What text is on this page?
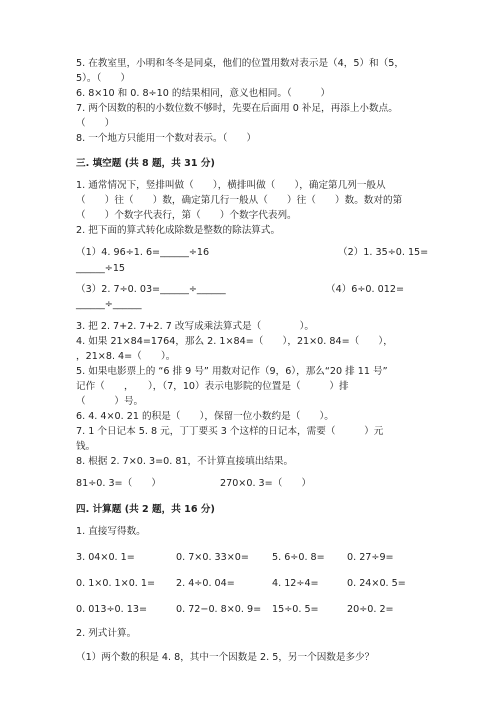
5. 在教室里，小明和冬冬是同桌，他们的位置用数对表示是（4，5）和（5，
5）。（　　）
6. 8×10 和 0. 8÷10 的结果相同，意义也相同。（　　　）
7. 两个因数的积的小数位数不够时，先要在后面用 0 补足，再添上小数点。
（　　）
8. 一个地方只能用一个数对表示。（　　）
三. 填空题 (共 8 题，共 31 分)
1. 通常情况下，竖排叫做（　　），横排叫做（　　），确定第几列一般从
（　　）往（　　）数，确定第几行一般从（　　）往（　　）数。数对的第
（　　）个数字代表行，第（　　）个数字代表列。
2. 把下面的算式转化成除数是整数的除法算式。
（1）4. 96÷1. 6=______÷16	（2）1. 35÷0. 15=
______÷15
（3）2. 7÷0. 03=______÷______	（4）6÷0. 012=
______÷______
3. 把 2. 7+2. 7+2. 7 改写成乘法算式是（　　　　）。
4. 如果 21×84=1764，那么 2. 1×84=（　　），21×0. 84=（　　），
，21×8. 4=（　　）。
5. 如果电影票上的 “6 排 9 号” 用数对记作（9，6），那么“20 排 11 号”
记作（　　，　　），（7，10）表示电影院的位置是（　　　）排
（　　　）号。
6. 4. 4×0. 21 的积是（　　），保留一位小数约是（　　）。
7. 1 个日记本 5. 8 元，丁丁要买 3 个这样的日记本，需要（　　　）元
钱。
8. 根据 2. 7×0. 3=0. 81，不计算直接填出结果。
81÷0. 3=（　　）	270×0. 3=（　　）
四. 计算题 (共 2 题，共 16 分)
1. 直接写得数。
3. 04×0. 1=	0. 7×0. 33×0= 5. 6÷0. 8= 0. 27÷9=
0. 1×0. 1×0. 1= 2. 4÷0. 04=	4. 12÷4=	0. 24×0. 5=
0. 013÷0. 13=	0. 72−0. 8×0. 9= 15÷0. 5=	20÷0. 2=
2. 列式计算。
（1）两个数的积是 4. 8，其中一个因数是 2. 5，另一个因数是多少？
